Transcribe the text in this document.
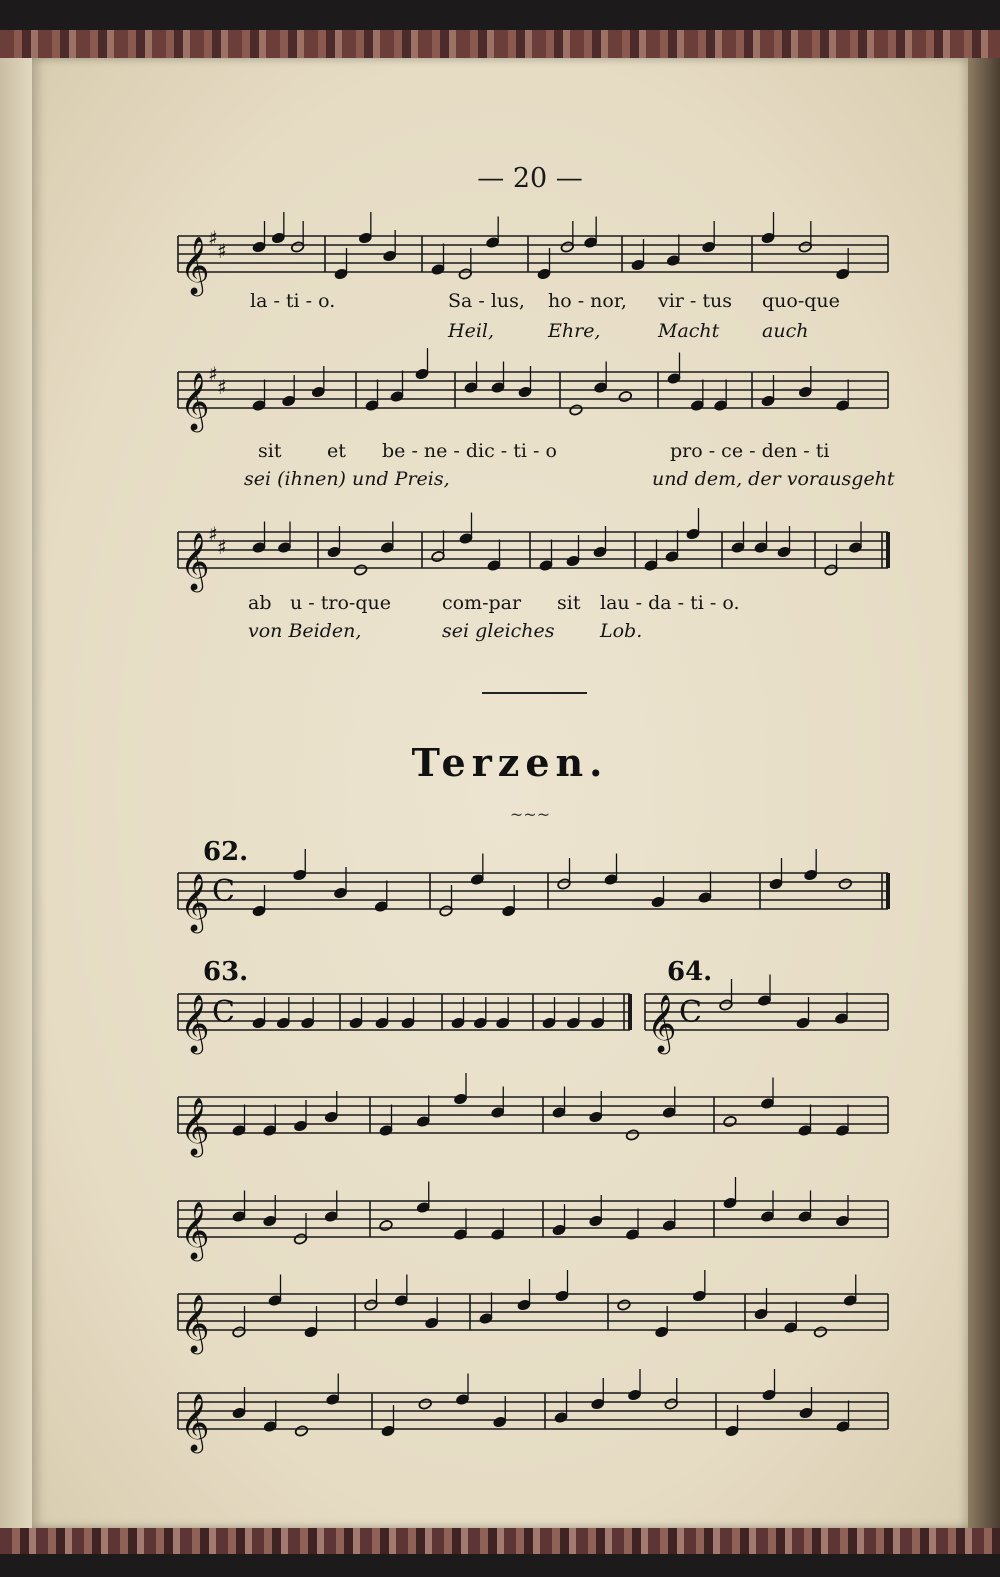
— 20 —
𝄞
♯
♯
𝄞
♯
♯
𝄞
♯
♯
𝄞 C
𝄞 C	𝄞 C
𝄞
𝄞
𝄞
𝄞
la - ti - o.	Sa - lus, ho - nor, vir - tus quo-que
Heil,	Ehre,	Macht auch
sit et be - ne - dic - ti - o	pro - ce - den - ti
sei (ihnen) und Preis,	und dem, der vorausgeht
ab u - tro-que	com-par sit lau - da - ti - o.
von Beiden,	sei gleiches Lob.
Terzen.
~~~
62.
63.	64.
